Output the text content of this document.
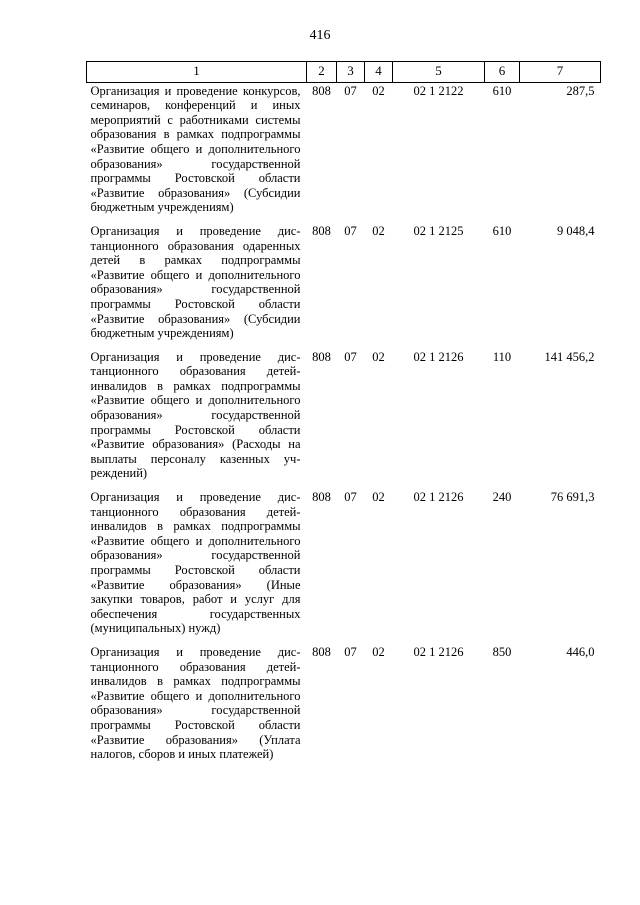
416
1	2	3	4	5	6	7
Организация и проведение конкурсов, семинаров, конференций и иных мероприятий с работниками системы образования в рамках подпрограммы «Развитие общего и дополнительного образования» государственной программы Ростовской области «Развитие образования» (Субсидии бюджетным учреждениям)	808	07	02	02 1 2122	610	287,5
Организация и проведение дистанционного образования одаренных детей в рамках подпрограммы «Развитие общего и дополнительного образования» государственной программы Ростовской области «Развитие образования» (Субсидии бюджетным учреждениям)	808	07	02	02 1 2125	610	9 048,4
Организация и проведение дистанционного образования детей-инвалидов в рамках подпрограммы «Развитие общего и дополнительного образования» государственной программы Ростовской области «Развитие образования» (Расходы на выплаты персоналу казенных учреждений)	808	07	02	02 1 2126	110	141 456,2
Организация и проведение дистанционного образования детей-инвалидов в рамках подпрограммы «Развитие общего и дополнительного образования» государственной программы Ростовской области «Развитие образования» (Иные закупки товаров, работ и услуг для обеспечения государственных (муниципальных) нужд)	808	07	02	02 1 2126	240	76 691,3
Организация и проведение дистанционного образования детей-инвалидов в рамках подпрограммы «Развитие общего и дополнительного образования» государственной программы Ростовской области «Развитие образования» (Уплата налогов, сборов и иных платежей)	808	07	02	02 1 2126	850	446,0
